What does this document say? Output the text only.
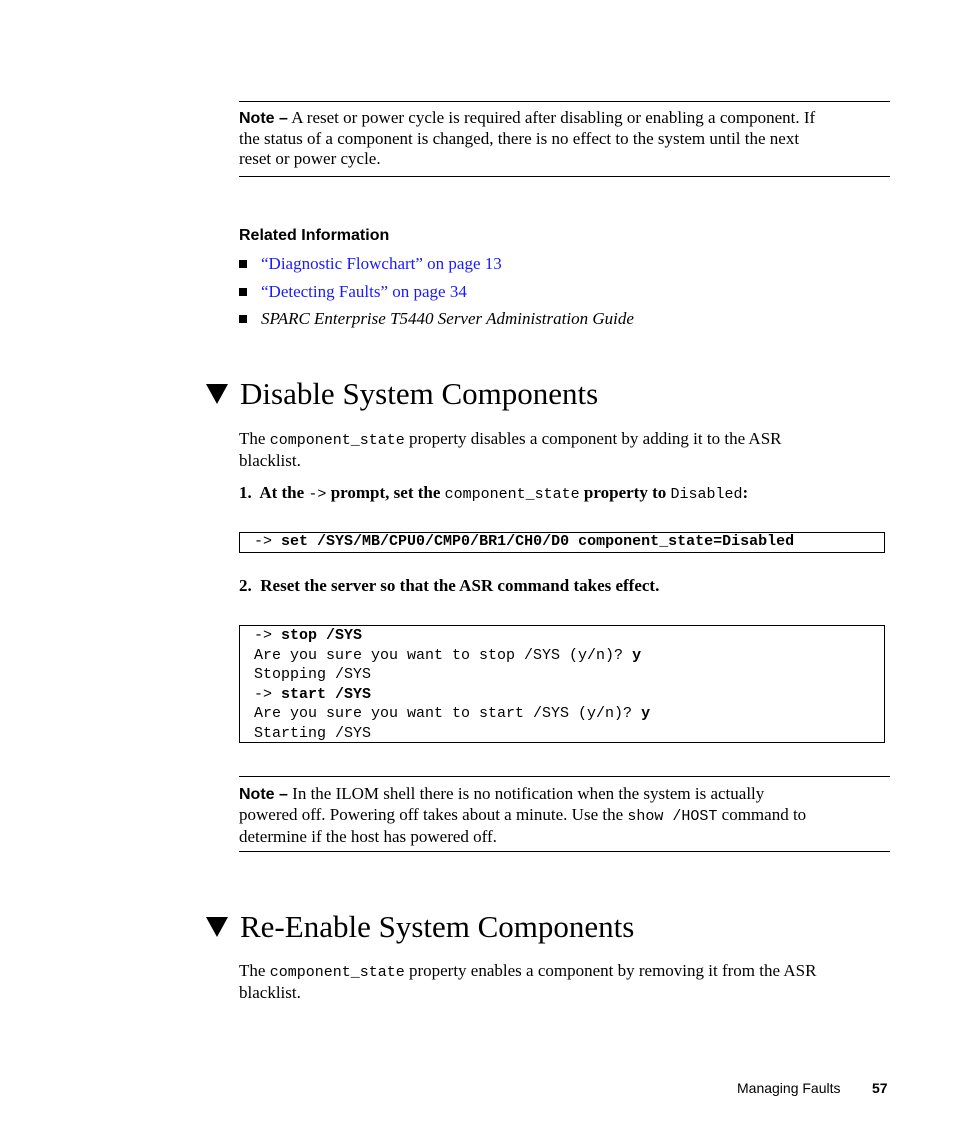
Note – A reset or power cycle is required after disabling or enabling a component. If
the status of a component is changed, there is no effect to the system until the next
reset or power cycle.
Related Information
“Diagnostic Flowchart” on page 13
“Detecting Faults” on page 34
SPARC Enterprise T5440 Server Administration Guide
Disable System Components
The component_state property disables a component by adding it to the ASR
blacklist.
1. At the -> prompt, set the component_state property to Disabled:
-> set /SYS/MB/CPU0/CMP0/BR1/CH0/D0 component_state=Disabled
2. Reset the server so that the ASR command takes effect.
-> stop /SYS
Are you sure you want to stop /SYS (y/n)? y
Stopping /SYS
-> start /SYS
Are you sure you want to start /SYS (y/n)? y
Starting /SYS
Note – In the ILOM shell there is no notification when the system is actually
powered off. Powering off takes about a minute. Use the show /HOST command to
determine if the host has powered off.
Re-Enable System Components
The component_state property enables a component by removing it from the ASR
blacklist.
Managing Faults 57
